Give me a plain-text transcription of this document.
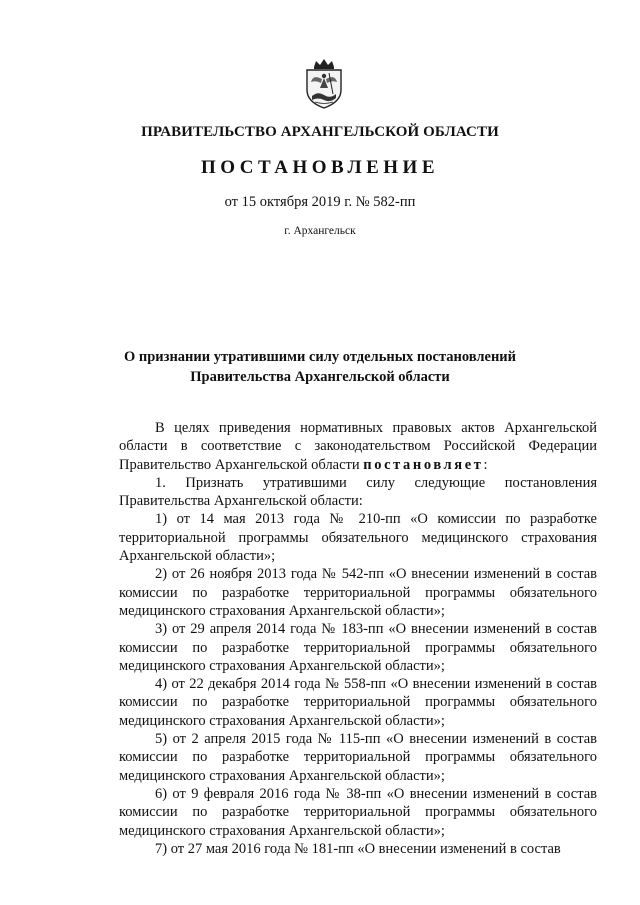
ПРАВИТЕЛЬСТВО АРХАНГЕЛЬСКОЙ ОБЛАСТИ
ПОСТАНОВЛЕНИЕ
от 15 октября 2019 г. № 582-пп
г. Архангельск
О признании утратившими силу отдельных постановлений
Правительства Архангельской области

В целях приведения нормативных правовых актов Архангельской области в соответствие с законодательством Российской Федерации Правительство Архангельской области постановляет:

1. Признать утратившими силу следующие постановления Правительства Архангельской области:

1) от 14 мая 2013 года № 210-пп «О комиссии по разработке территориальной программы обязательного медицинского страхования Архангельской области»;

2) от 26 ноября 2013 года № 542-пп «О внесении изменений в состав комиссии по разработке территориальной программы обязательного медицинского страхования Архангельской области»;

3) от 29 апреля 2014 года № 183-пп «О внесении изменений в состав комиссии по разработке территориальной программы обязательного медицинского страхования Архангельской области»;

4) от 22 декабря 2014 года № 558-пп «О внесении изменений в состав комиссии по разработке территориальной программы обязательного медицинского страхования Архангельской области»;

5) от 2 апреля 2015 года № 115-пп «О внесении изменений в состав комиссии по разработке территориальной программы обязательного медицинского страхования Архангельской области»;

6) от 9 февраля 2016 года № 38-пп «О внесении изменений в состав комиссии по разработке территориальной программы обязательного медицинского страхования Архангельской области»;

7) от 27 мая 2016 года № 181-пп «О внесении изменений в состав
